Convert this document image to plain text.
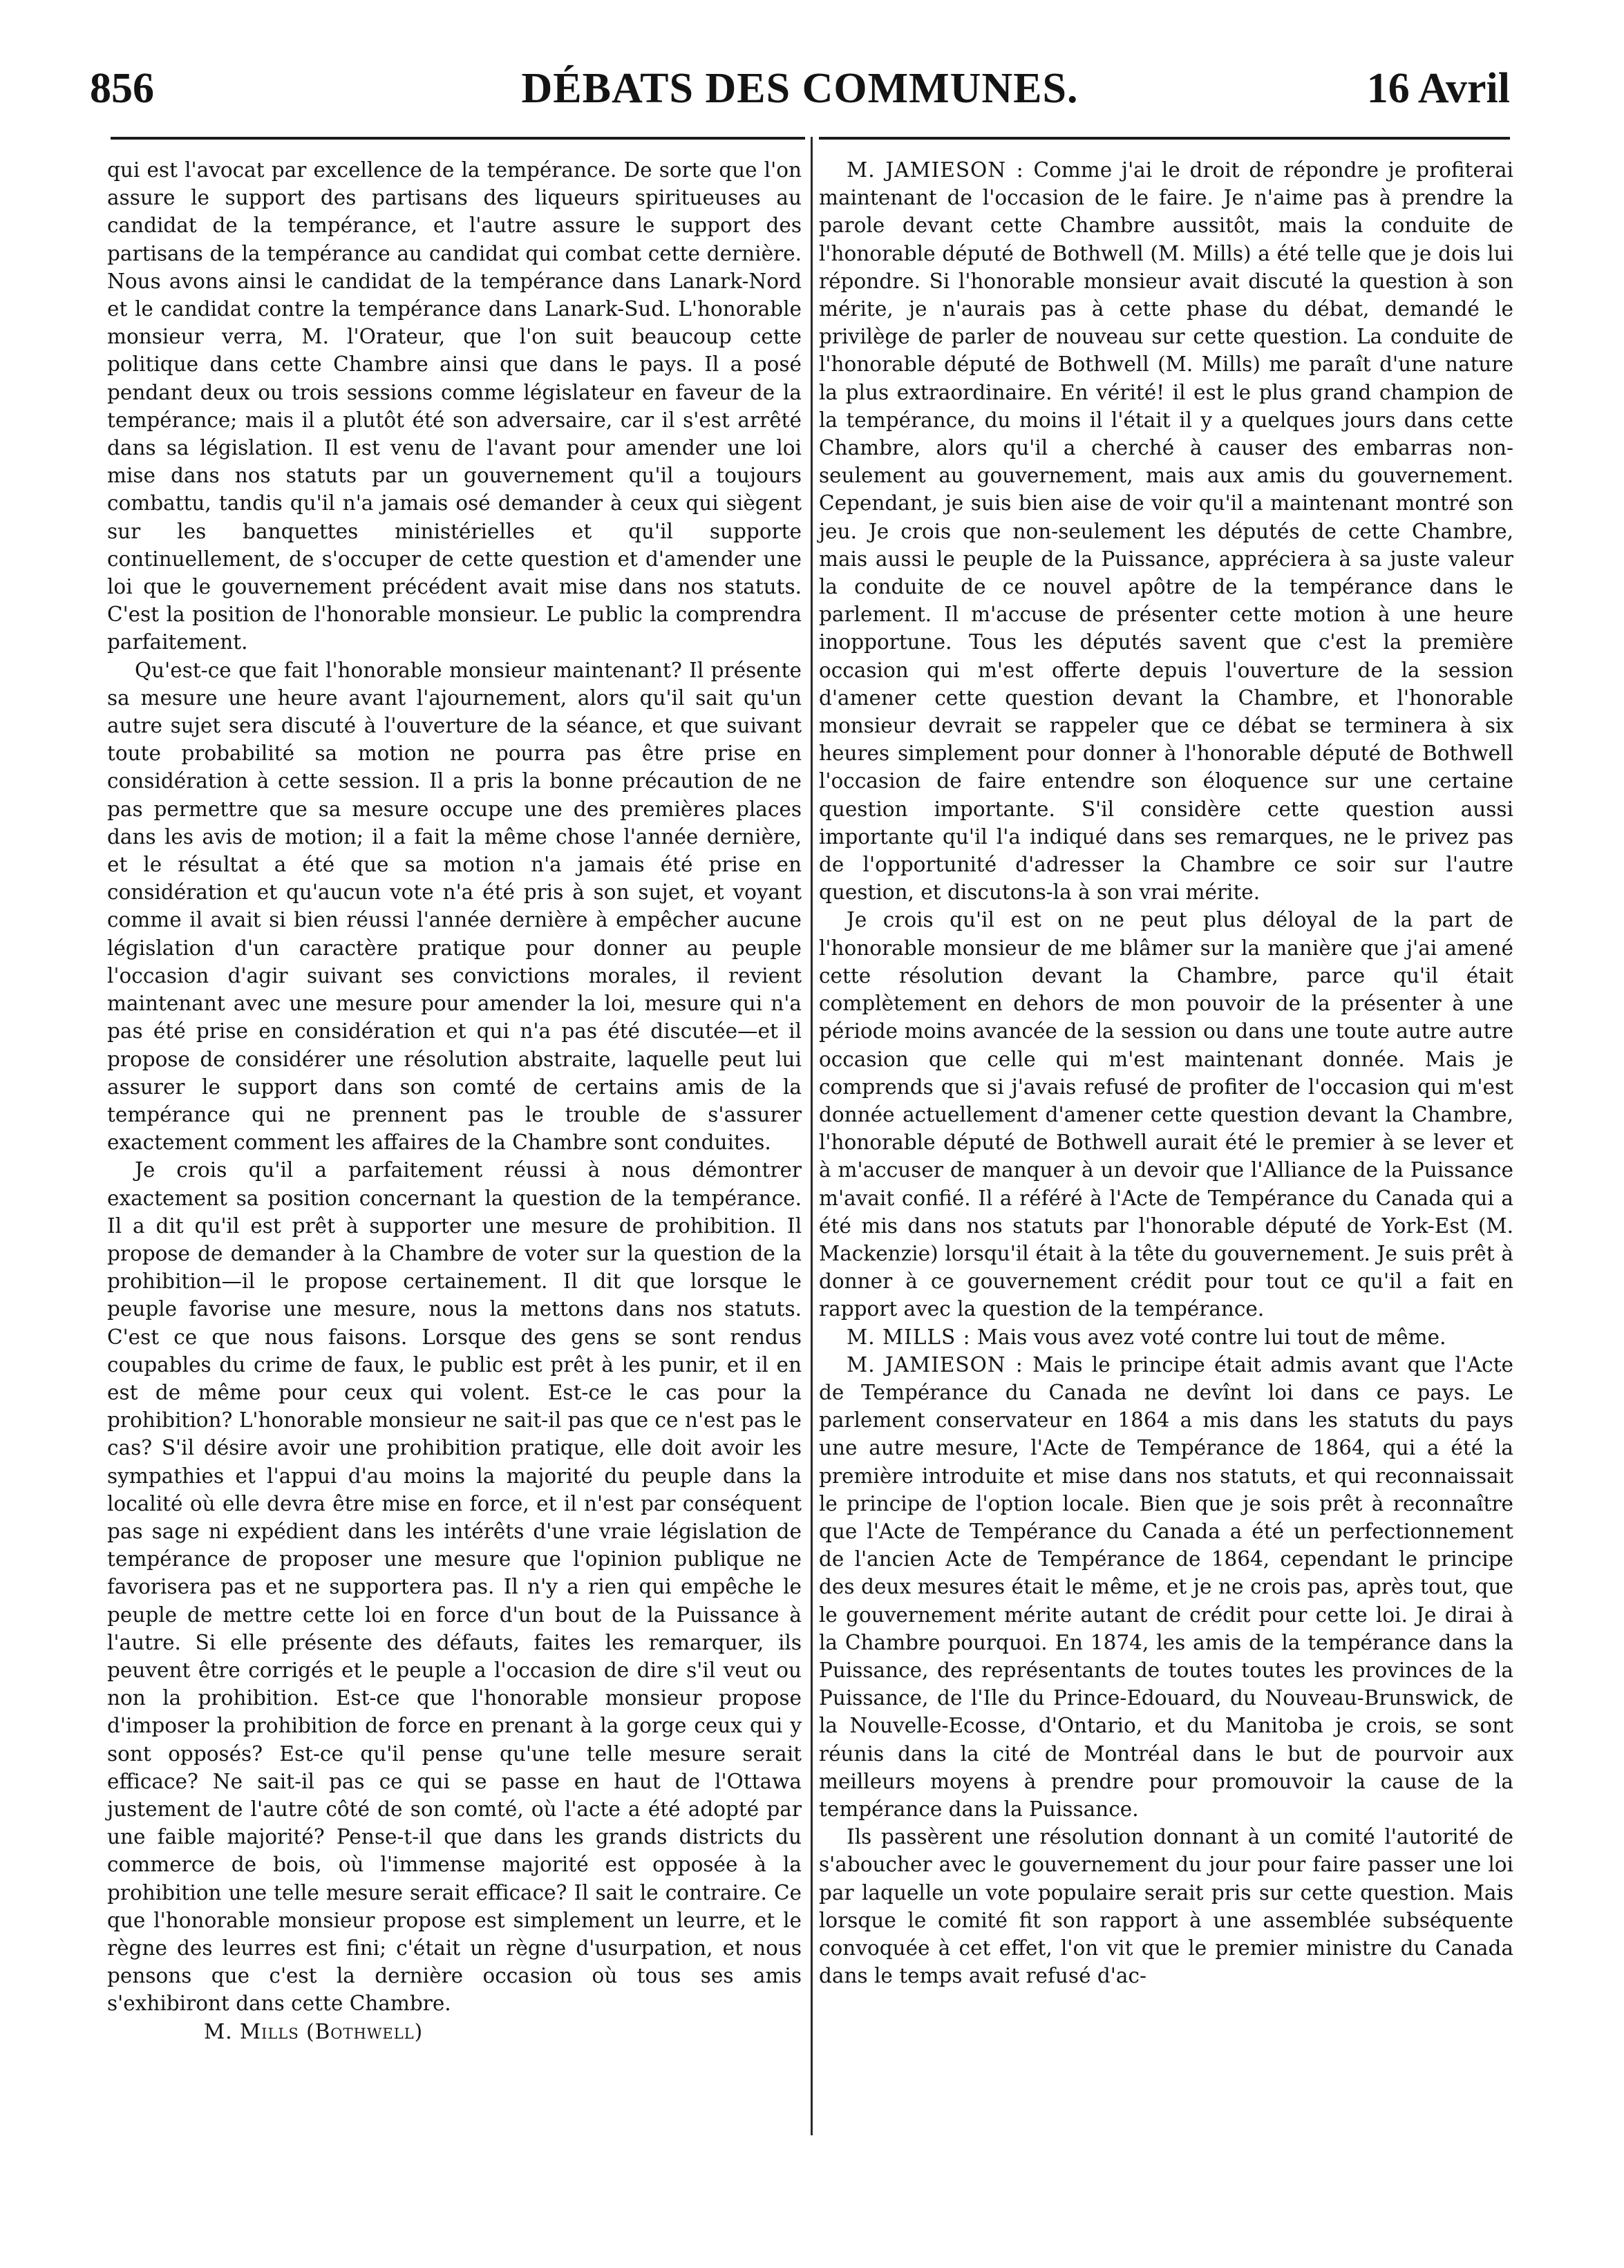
856	DÉBATS DES COMMUNES.	16 Avril

qui est l'avocat par excellence de la tempérance. De sorte que l'on assure le support des partisans des liqueurs spiritueuses au candidat de la tempérance, et l'autre assure le support des partisans de la tempérance au candidat qui combat cette dernière. Nous avons ainsi le candidat de la tempérance dans Lanark-Nord et le candidat contre la tempérance dans Lanark-Sud. L'honorable monsieur verra, M. l'Orateur, que l'on suit beaucoup cette politique dans cette Chambre ainsi que dans le pays. Il a posé pendant deux ou trois sessions comme législateur en faveur de la tempérance; mais il a plutôt été son adversaire, car il s'est arrêté dans sa législation. Il est venu de l'avant pour amender une loi mise dans nos statuts par un gouvernement qu'il a toujours combattu, tandis qu'il n'a jamais osé demander à ceux qui siègent sur les banquettes ministérielles et qu'il supporte continuellement, de s'occuper de cette question et d'amender une loi que le gouvernement précédent avait mise dans nos statuts. C'est la position de l'honorable monsieur. Le public la comprendra parfaitement.

Qu'est-ce que fait l'honorable monsieur maintenant? Il présente sa mesure une heure avant l'ajournement, alors qu'il sait qu'un autre sujet sera discuté à l'ouverture de la séance, et que suivant toute probabilité sa motion ne pourra pas être prise en considération à cette session. Il a pris la bonne précaution de ne pas permettre que sa mesure occupe une des premières places dans les avis de motion; il a fait la même chose l'année dernière, et le résultat a été que sa motion n'a jamais été prise en considération et qu'aucun vote n'a été pris à son sujet, et voyant comme il avait si bien réussi l'année dernière à empêcher aucune législation d'un caractère pratique pour donner au peuple l'occasion d'agir suivant ses convictions morales, il revient maintenant avec une mesure pour amender la loi, mesure qui n'a pas été prise en considération et qui n'a pas été discutée—et il propose de considérer une résolution abstraite, laquelle peut lui assurer le support dans son comté de certains amis de la tempérance qui ne prennent pas le trouble de s'assurer exactement comment les affaires de la Chambre sont conduites.

Je crois qu'il a parfaitement réussi à nous démontrer exactement sa position concernant la question de la tempérance. Il a dit qu'il est prêt à supporter une mesure de prohibition. Il propose de demander à la Chambre de voter sur la question de la prohibition—il le propose certainement. Il dit que lorsque le peuple favorise une mesure, nous la mettons dans nos statuts. C'est ce que nous faisons. Lorsque des gens se sont rendus coupables du crime de faux, le public est prêt à les punir, et il en est de même pour ceux qui volent. Est-ce le cas pour la prohibition? L'honorable monsieur ne sait-il pas que ce n'est pas le cas? S'il désire avoir une prohibition pratique, elle doit avoir les sympathies et l'appui d'au moins la majorité du peuple dans la localité où elle devra être mise en force, et il n'est par conséquent pas sage ni expédient dans les intérêts d'une vraie législation de tempérance de proposer une mesure que l'opinion publique ne favorisera pas et ne supportera pas. Il n'y a rien qui empêche le peuple de mettre cette loi en force d'un bout de la Puissance à l'autre. Si elle présente des défauts, faites les remarquer, ils peuvent être corrigés et le peuple a l'occasion de dire s'il veut ou non la prohibition. Est-ce que l'honorable monsieur propose d'imposer la prohibition de force en prenant à la gorge ceux qui y sont opposés? Est-ce qu'il pense qu'une telle mesure serait efficace? Ne sait-il pas ce qui se passe en haut de l'Ottawa justement de l'autre côté de son comté, où l'acte a été adopté par une faible majorité? Pense-t-il que dans les grands districts du commerce de bois, où l'immense majorité est opposée à la prohibition une telle mesure serait efficace? Il sait le contraire. Ce que l'honorable monsieur propose est simplement un leurre, et le règne des leurres est fini; c'était un règne d'usurpation, et nous pensons que c'est la dernière occasion où tous ses amis s'exhibiront dans cette Chambre.

M. Mills (Bothwell)

M. JAMIESON : Comme j'ai le droit de répondre je profiterai maintenant de l'occasion de le faire. Je n'aime pas à prendre la parole devant cette Chambre aussitôt, mais la conduite de l'honorable député de Bothwell (M. Mills) a été telle que je dois lui répondre. Si l'honorable monsieur avait discuté la question à son mérite, je n'aurais pas à cette phase du débat, demandé le privilège de parler de nouveau sur cette question. La conduite de l'honorable député de Bothwell (M. Mills) me paraît d'une nature la plus extraordinaire. En vérité! il est le plus grand champion de la tempérance, du moins il l'était il y a quelques jours dans cette Chambre, alors qu'il a cherché à causer des embarras non-seulement au gouvernement, mais aux amis du gouvernement. Cependant, je suis bien aise de voir qu'il a maintenant montré son jeu. Je crois que non-seulement les députés de cette Chambre, mais aussi le peuple de la Puissance, appréciera à sa juste valeur la conduite de ce nouvel apôtre de la tempérance dans le parlement. Il m'accuse de présenter cette motion à une heure inopportune. Tous les députés savent que c'est la première occasion qui m'est offerte depuis l'ouverture de la session d'amener cette question devant la Chambre, et l'honorable monsieur devrait se rappeler que ce débat se terminera à six heures simplement pour donner à l'honorable député de Bothwell l'occasion de faire entendre son éloquence sur une certaine question importante. S'il considère cette question aussi importante qu'il l'a indiqué dans ses remarques, ne le privez pas de l'opportunité d'adresser la Chambre ce soir sur l'autre question, et discutons-la à son vrai mérite.

Je crois qu'il est on ne peut plus déloyal de la part de l'honorable monsieur de me blâmer sur la manière que j'ai amené cette résolution devant la Chambre, parce qu'il était complètement en dehors de mon pouvoir de la présenter à une période moins avancée de la session ou dans une toute autre autre occasion que celle qui m'est maintenant donnée. Mais je comprends que si j'avais refusé de profiter de l'occasion qui m'est donnée actuellement d'amener cette question devant la Chambre, l'honorable député de Bothwell aurait été le premier à se lever et à m'accuser de manquer à un devoir que l'Alliance de la Puissance m'avait confié. Il a référé à l'Acte de Tempérance du Canada qui a été mis dans nos statuts par l'honorable député de York-Est (M. Mackenzie) lorsqu'il était à la tête du gouvernement. Je suis prêt à donner à ce gouvernement crédit pour tout ce qu'il a fait en rapport avec la question de la tempérance.

M. MILLS : Mais vous avez voté contre lui tout de même.

M. JAMIESON : Mais le principe était admis avant que l'Acte de Tempérance du Canada ne devînt loi dans ce pays. Le parlement conservateur en 1864 a mis dans les statuts du pays une autre mesure, l'Acte de Tempérance de 1864, qui a été la première introduite et mise dans nos statuts, et qui reconnaissait le principe de l'option locale. Bien que je sois prêt à reconnaître que l'Acte de Tempérance du Canada a été un perfectionnement de l'ancien Acte de Tempérance de 1864, cependant le principe des deux mesures était le même, et je ne crois pas, après tout, que le gouvernement mérite autant de crédit pour cette loi. Je dirai à la Chambre pourquoi. En 1874, les amis de la tempérance dans la Puissance, des représentants de toutes toutes les provinces de la Puissance, de l'Ile du Prince-Edouard, du Nouveau-Brunswick, de la Nouvelle-Ecosse, d'Ontario, et du Manitoba je crois, se sont réunis dans la cité de Montréal dans le but de pourvoir aux meilleurs moyens à prendre pour promouvoir la cause de la tempérance dans la Puissance.

Ils passèrent une résolution donnant à un comité l'autorité de s'aboucher avec le gouvernement du jour pour faire passer une loi par laquelle un vote populaire serait pris sur cette question. Mais lorsque le comité fit son rapport à une assemblée subséquente convoquée à cet effet, l'on vit que le premier ministre du Canada dans le temps avait refusé d'ac-
